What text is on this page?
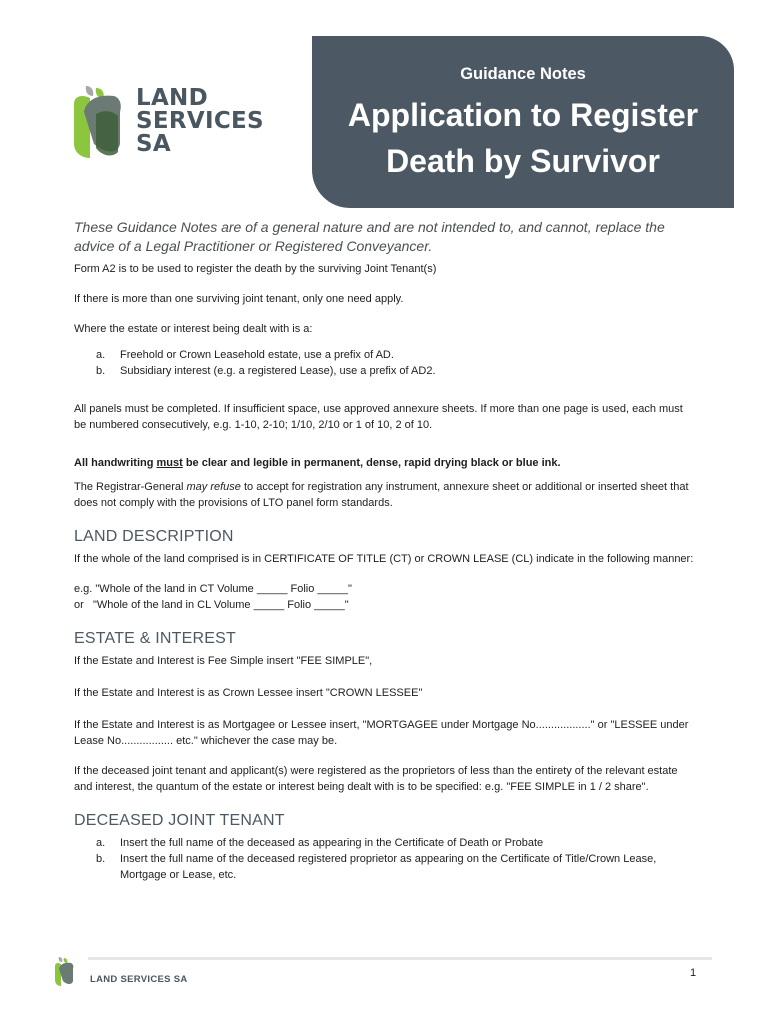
LAND
SERVICES
SA
Guidance Notes
Application to Register
Death by Survivor

These Guidance Notes are of a general nature and are not intended to, and cannot, replace the advice of a Legal Practitioner or Registered Conveyancer.

Form A2 is to be used to register the death by the surviving Joint Tenant(s)

If there is more than one surviving joint tenant, only one need apply.

Where the estate or interest being dealt with is a:

a.	Freehold or Crown Leasehold estate, use a prefix of AD.
b.	Subsidiary interest (e.g. a registered Lease), use a prefix of AD2.

All panels must be completed. If insufficient space, use approved annexure sheets. If more than one page is used, each must be numbered consecutively, e.g. 1-10, 2-10; 1/10, 2/10 or 1 of 10, 2 of 10.

All handwriting must be clear and legible in permanent, dense, rapid drying black or blue ink.

The Registrar-General may refuse to accept for registration any instrument, annexure sheet or additional or inserted sheet that does not comply with the provisions of LTO panel form standards.

LAND DESCRIPTION

If the whole of the land comprised is in CERTIFICATE OF TITLE (CT) or CROWN LEASE (CL) indicate in the following manner:

e.g. "Whole of the land in CT Volume _____ Folio _____"

or   "Whole of the land in CL Volume _____ Folio _____"

ESTATE & INTEREST

If the Estate and Interest is Fee Simple insert "FEE SIMPLE",

If the Estate and Interest is as Crown Lessee insert "CROWN LESSEE"

If the Estate and Interest is as Mortgagee or Lessee insert, "MORTGAGEE under Mortgage No.................." or "LESSEE under Lease No................. etc." whichever the case may be.

If the deceased joint tenant and applicant(s) were registered as the proprietors of less than the entirety of the relevant estate and interest, the quantum of the estate or interest being dealt with is to be specified: e.g. "FEE SIMPLE in 1 / 2 share".

DECEASED JOINT TENANT
a.	Insert the full name of the deceased as appearing in the Certificate of Death or Probate
b.	Insert the full name of the deceased registered proprietor as appearing on the Certificate of Title/Crown Lease, Mortgage or Lease, etc.
LAND SERVICES SA
1
